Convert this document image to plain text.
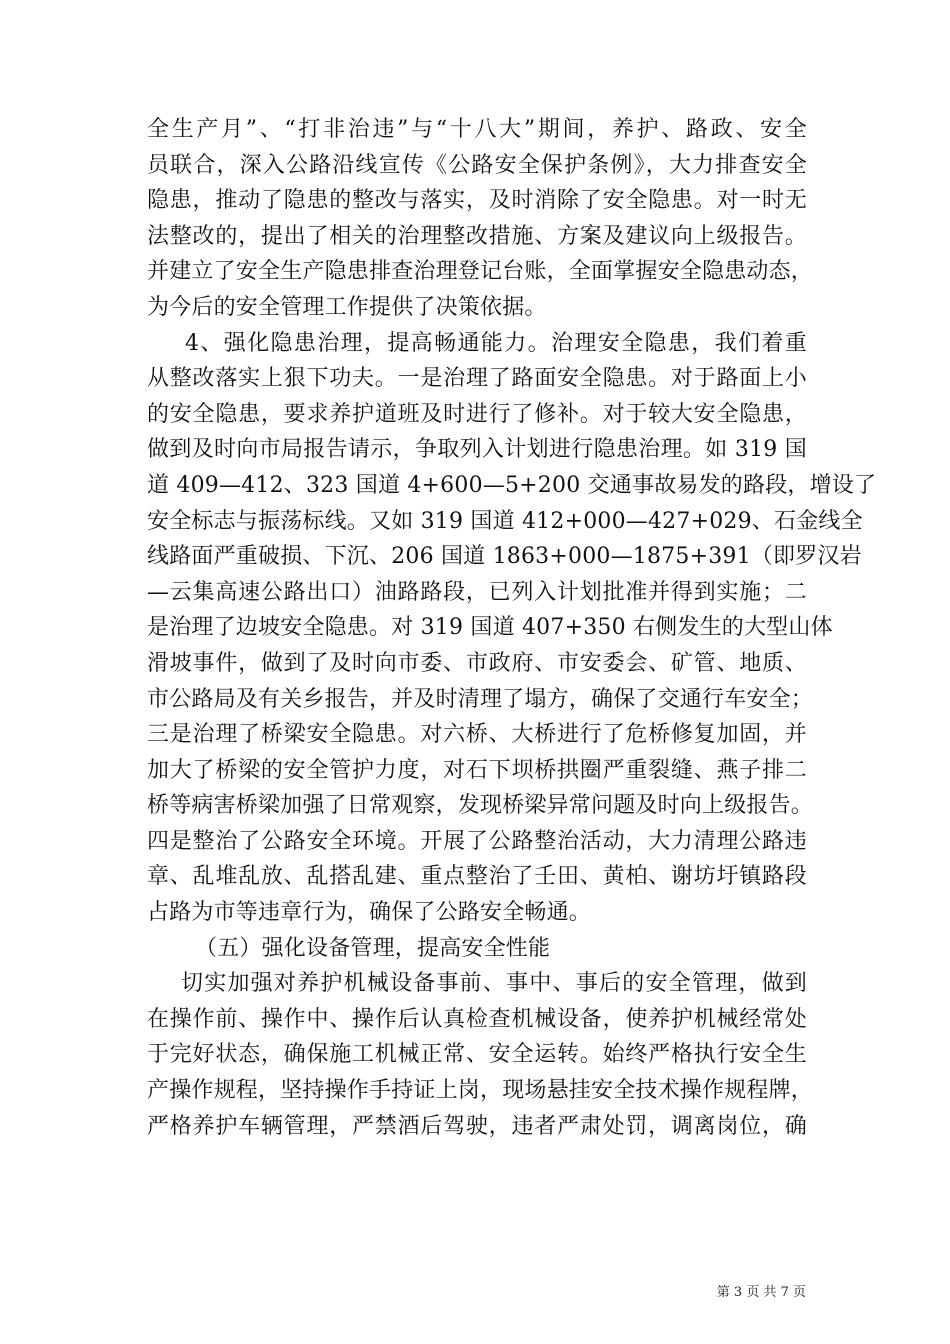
全生产月”、“打非治违”与“十八大”期间，养护、路政、安全
员联合，深入公路沿线宣传《公路安全保护条例》，大力排查安全
隐患，推动了隐患的整改与落实，及时消除了安全隐患。对一时无
法整改的，提出了相关的治理整改措施、方案及建议向上级报告。
并建立了安全生产隐患排查治理登记台账，全面掌握安全隐患动态，
为今后的安全管理工作提供了决策依据。
4、强化隐患治理，提高畅通能力。治理安全隐患，我们着重
从整改落实上狠下功夫。一是治理了路面安全隐患。对于路面上小
的安全隐患，要求养护道班及时进行了修补。对于较大安全隐患，
做到及时向市局报告请示，争取列入计划进行隐患治理。如 319 国
道 409—412、323 国道 4+600—5+200 交通事故易发的路段，增设了
安全标志与振荡标线。又如 319 国道 412+000—427+029、石金线全
线路面严重破损、下沉、206 国道 1863+000—1875+391（即罗汉岩
—云集高速公路出口）油路路段，已列入计划批准并得到实施；二
是治理了边坡安全隐患。对 319 国道 407+350 右侧发生的大型山体
滑坡事件，做到了及时向市委、市政府、市安委会、矿管、地质、
市公路局及有关乡报告，并及时清理了塌方，确保了交通行车安全；
三是治理了桥梁安全隐患。对六桥、大桥进行了危桥修复加固，并
加大了桥梁的安全管护力度，对石下坝桥拱圈严重裂缝、燕子排二
桥等病害桥梁加强了日常观察，发现桥梁异常问题及时向上级报告。
四是整治了公路安全环境。开展了公路整治活动，大力清理公路违
章、乱堆乱放、乱搭乱建、重点整治了壬田、黄柏、谢坊圩镇路段
占路为市等违章行为，确保了公路安全畅通。
（五）强化设备管理，提高安全性能
切实加强对养护机械设备事前、事中、事后的安全管理，做到
在操作前、操作中、操作后认真检查机械设备，使养护机械经常处
于完好状态，确保施工机械正常、安全运转。始终严格执行安全生
产操作规程，坚持操作手持证上岗，现场悬挂安全技术操作规程牌，
严格养护车辆管理，严禁酒后驾驶，违者严肃处罚，调离岗位，确
第 3 页 共 7 页
